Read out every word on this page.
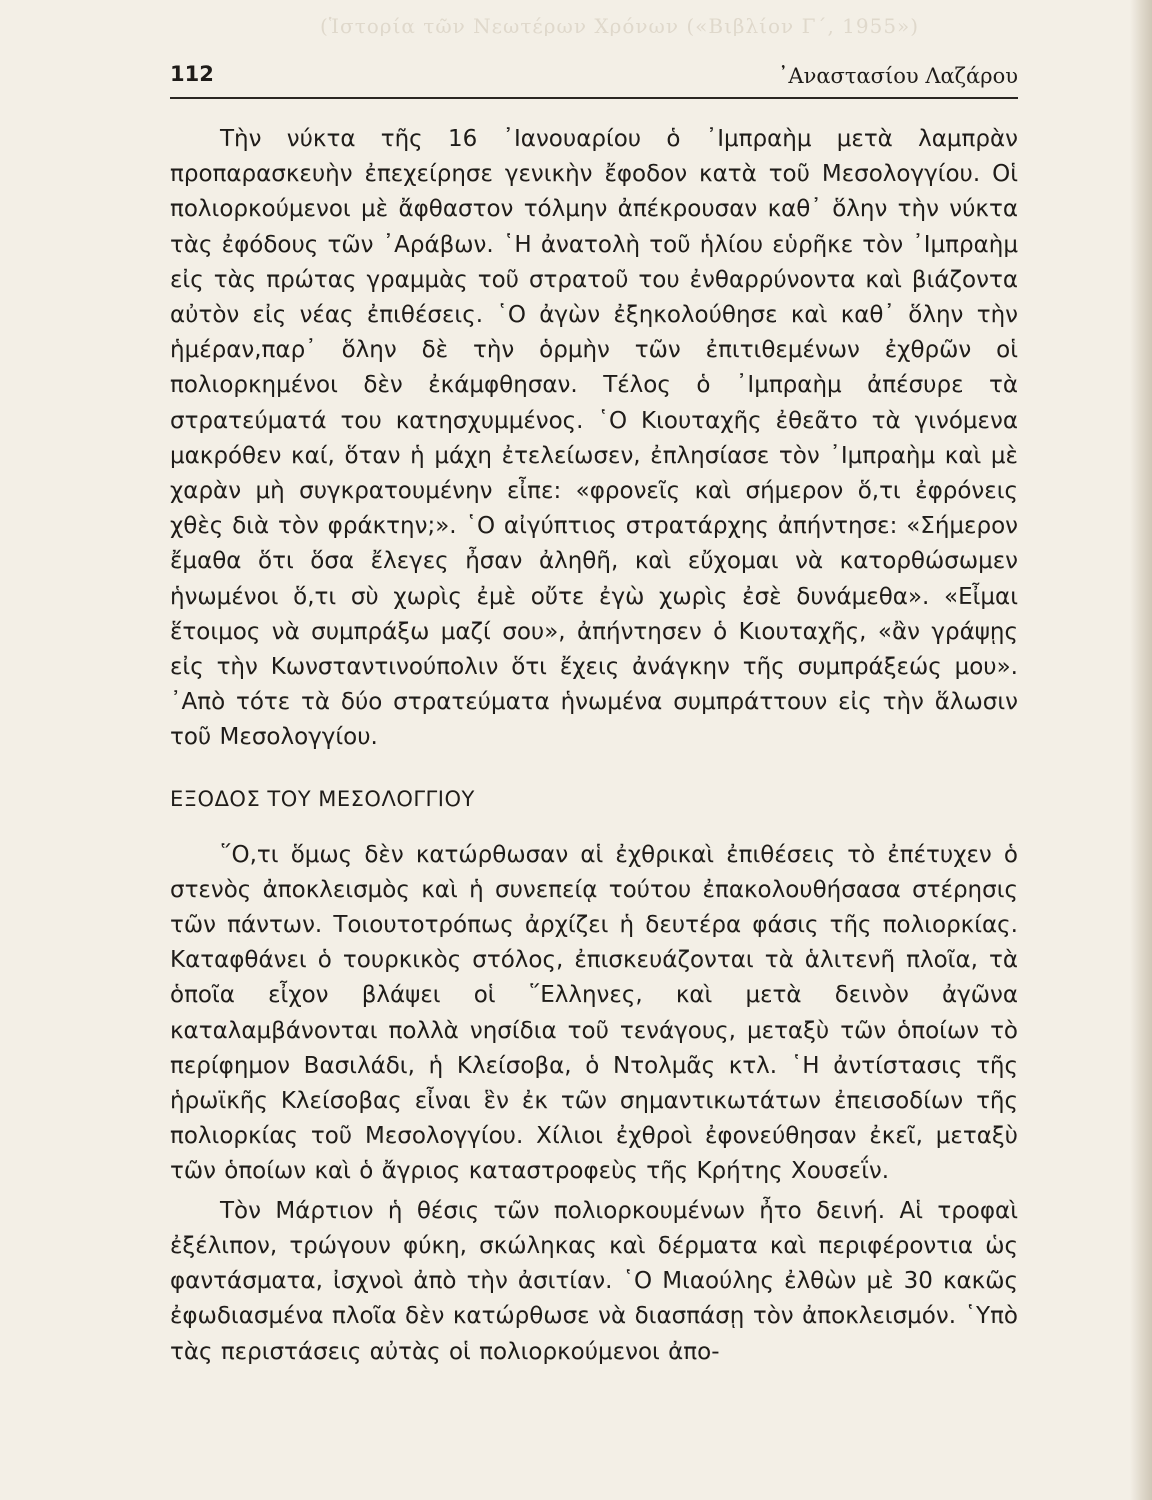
(Ἱστορία τῶν Νεωτέρων Χρόνων («Βιβλίον Γ΄, 1955»)
112	᾿Αναστασίου Λαζάρου

Τὴν νύκτα τῆς 16 ᾿Ιανουαρίου ὁ ᾿Ιμπραὴμ μετὰ λαμπρὰν προπαρασκευὴν ἐπεχείρησε γενικὴν ἔφοδον κατὰ τοῦ Μεσολογγίου. Οἱ πολιορκούμενοι μὲ ἄφθαστον τόλμην ἀπέκρουσαν καθ᾿ ὅλην τὴν νύκτα τὰς ἐφόδους τῶν ᾿Αράβων. ῾Η ἀνατολὴ τοῦ ἡλίου εὑρῆκε τὸν ᾿Ιμπραὴμ εἰς τὰς πρώτας γραμμὰς τοῦ στρατοῦ του ἐνθαρρύνοντα καὶ βιάζοντα αὐτὸν εἰς νέας ἐπιθέσεις. ῾Ο ἀγὼν ἐξηκολούθησε καὶ καθ᾿ ὅλην τὴν ἡμέραν,παρ᾿ ὅλην δὲ τὴν ὁρμὴν τῶν ἐπιτιθεμένων ἐχθρῶν οἱ πολιορκημένοι δὲν ἐκάμφθησαν. Τέλος ὁ ᾿Ιμπραὴμ ἀπέσυρε τὰ στρατεύματά του κατησχυμμένος. ῾Ο Κιουταχῆς ἐθεᾶτο τὰ γινόμενα μακρόθεν καί, ὅταν ἡ μάχη ἐτελείωσεν, ἐπλησίασε τὸν ᾿Ιμπραὴμ καὶ μὲ χαρὰν μὴ συγκρατουμένην εἶπε: «φρονεῖς καὶ σήμερον ὅ,τι ἐφρόνεις χθὲς διὰ τὸν φράκτην;». ῾Ο αἰγύπτιος στρατάρχης ἀπήντησε: «Σήμερον ἔμαθα ὅτι ὅσα ἔλεγες ἦσαν ἀληθῆ, καὶ εὔχομαι νὰ κατορθώσωμεν ἡνωμένοι ὅ,τι σὺ χωρὶς ἐμὲ οὔτε ἐγὼ χωρὶς ἐσὲ δυνάμεθα». «Εἶμαι ἕτοιμος νὰ συμπράξω μαζί σου», ἀπήντησεν ὁ Κιουταχῆς, «ἂν γράψῃς εἰς τὴν Κωνσταντινούπολιν ὅτι ἔχεις ἀνάγκην τῆς συμπράξεώς μου». ᾿Απὸ τότε τὰ δύο στρατεύματα ἡνωμένα συμπράττουν εἰς τὴν ἅλωσιν τοῦ Μεσολογγίου.

ΕΞΟΔΟΣ ΤΟΥ ΜΕΣΟΛΟΓΓΙΟΥ

῞Ο,τι ὅμως δὲν κατώρθωσαν αἱ ἐχθρικαὶ ἐπιθέσεις τὸ ἐπέτυχεν ὁ στενὸς ἀποκλεισμὸς καὶ ἡ συνεπείᾳ τούτου ἐπακολουθήσασα στέρησις τῶν πάντων. Τοιουτοτρόπως ἀρχίζει ἡ δευτέρα φάσις τῆς πολιορκίας. Καταφθάνει ὁ τουρκικὸς στόλος, ἐπισκευάζονται τὰ ἁλιτενῆ πλοῖα, τὰ ὁποῖα εἶχον βλάψει οἱ ῞Ελληνες, καὶ μετὰ δεινὸν ἀγῶνα καταλαμβάνονται πολλὰ νησίδια τοῦ τενάγους, μεταξὺ τῶν ὁποίων τὸ περίφημον Βασιλάδι, ἡ Κλείσοβα, ὁ Ντολμᾶς κτλ. ῾Η ἀντίστασις τῆς ἡρωϊκῆς Κλείσοβας εἶναι ἓν ἐκ τῶν σημαντικωτάτων ἐπεισοδίων τῆς πολιορκίας τοῦ Μεσολογγίου. Χίλιοι ἐχθροὶ ἐφονεύθησαν ἐκεῖ, μεταξὺ τῶν ὁποίων καὶ ὁ ἄγριος καταστροφεὺς τῆς Κρήτης Χουσεΐν.

Τὸν Μάρτιον ἡ θέσις τῶν πολιορκουμένων ἦτο δεινή. Αἱ τροφαὶ ἐξέλιπον, τρώγουν φύκη, σκώληκας καὶ δέρματα καὶ περιφέροντια ὡς φαντάσματα, ἰσχνοὶ ἀπὸ τὴν ἀσιτίαν. ῾Ο Μιαούλης ἐλθὼν μὲ 30 κακῶς ἐφωδιασμένα πλοῖα δὲν κατώρθωσε νὰ διασπάσῃ τὸν ἀποκλεισμόν. ῾Υπὸ τὰς περιστάσεις αὐτὰς οἱ πολιορκούμενοι ἀπο-
